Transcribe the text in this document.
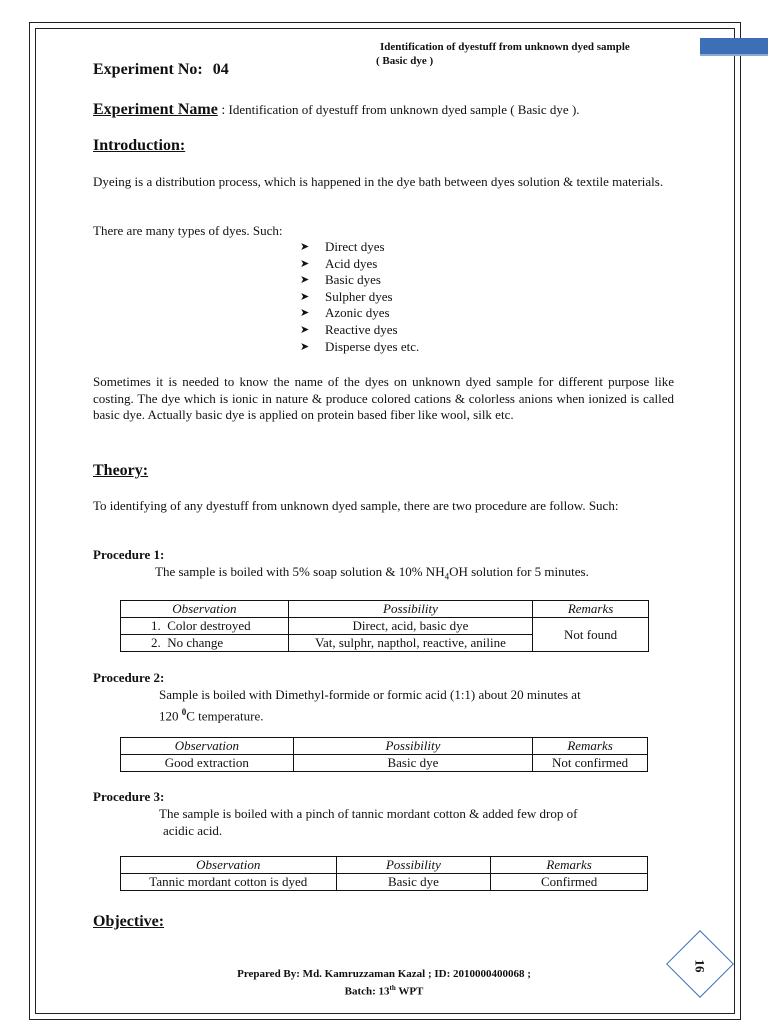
Identification of dyestuff from unknown dyed sample
( Basic dye )
Experiment No: 04
Experiment Name : Identification of dyestuff from unknown dyed sample ( Basic dye ).
Introduction:
Dyeing is a distribution process, which is happened in the dye bath between dyes solution & textile materials.
There are many types of dyes. Such:
➤ Direct dyes
➤ Acid dyes
➤ Basic dyes
➤ Sulpher dyes
➤ Azonic dyes
➤ Reactive dyes
➤ Disperse dyes etc.
Sometimes it is needed to know the name of the dyes on unknown dyed sample for different purpose like costing. The dye which is ionic in nature & produce colored cations & colorless anions when ionized is called basic dye. Actually basic dye is applied on protein based fiber like wool, silk etc.
Theory:
To identifying of any dyestuff from unknown dyed sample, there are two procedure are follow. Such:
Procedure 1:
The sample is boiled with 5% soap solution & 10% $NH_4OH$ solution for 5 minutes.
Observation	Possibility	Remarks
1. Color destroyed	Direct, acid, basic dye	Not found
2. No change	Vat, sulphr, napthol, reactive, aniline	
Procedure 2:
Sample is boiled with Dimethyl-formide or formic acid (1:1) about 20 minutes at
120 $^0$C temperature.
Observation	Possibility	Remarks
Good extraction	Basic dye	Not confirmed
Procedure 3:
The sample is boiled with a pinch of tannic mordant cotton & added few drop of
acidic acid.
Observation	Possibility	Remarks
Tannic mordant cotton is dyed	Basic dye	Confirmed
Objective:
Prepared By: Md. Kamruzzaman Kazal ; ID: 2010000400068 ;
Batch: 13th WPT
16
